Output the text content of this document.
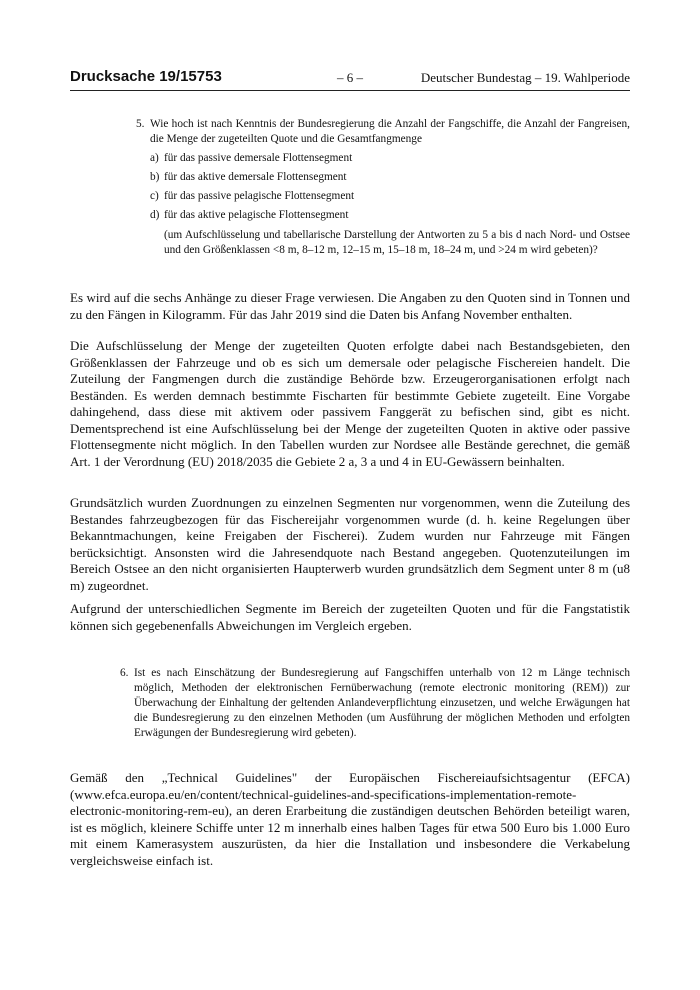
Drucksache 19/15753	– 6 –	Deutscher Bundestag – 19. Wahlperiode
5. Wie hoch ist nach Kenntnis der Bundesregierung die Anzahl der Fangschiffe, die Anzahl der Fangreisen, die Menge der zugeteilten Quote und die Gesamtfangmenge
a) für das passive demersale Flottensegment
b) für das aktive demersale Flottensegment
c) für das passive pelagische Flottensegment
d) für das aktive pelagische Flottensegment
(um Aufschlüsselung und tabellarische Darstellung der Antworten zu 5 a bis d nach Nord- und Ostsee und den Größenklassen <8 m, 8–12 m, 12–15 m, 15–18 m, 18–24 m, und >24 m wird gebeten)?
Es wird auf die sechs Anhänge zu dieser Frage verwiesen. Die Angaben zu den Quoten sind in Tonnen und zu den Fängen in Kilogramm. Für das Jahr 2019 sind die Daten bis Anfang November enthalten.
Die Aufschlüsselung der Menge der zugeteilten Quoten erfolgte dabei nach Bestandsgebieten, den Größenklassen der Fahrzeuge und ob es sich um demersale oder pelagische Fischereien handelt. Die Zuteilung der Fangmengen durch die zuständige Behörde bzw. Erzeugerorganisationen erfolgt nach Beständen. Es werden demnach bestimmte Fischarten für bestimmte Gebiete zugeteilt. Eine Vorgabe dahingehend, dass diese mit aktivem oder passivem Fanggerät zu befischen sind, gibt es nicht. Dementsprechend ist eine Aufschlüsselung bei der Menge der zugeteilten Quoten in aktive oder passive Flottensegmente nicht möglich. In den Tabellen wurden zur Nordsee alle Bestände gerechnet, die gemäß Art. 1 der Verordnung (EU) 2018/2035 die Gebiete 2 a, 3 a und 4 in EU-Gewässern beinhalten.
Grundsätzlich wurden Zuordnungen zu einzelnen Segmenten nur vorgenommen, wenn die Zuteilung des Bestandes fahrzeugbezogen für das Fischereijahr vorgenommen wurde (d. h. keine Regelungen über Bekanntmachungen, keine Freigaben der Fischerei). Zudem wurden nur Fahrzeuge mit Fängen berücksichtigt. Ansonsten wird die Jahresendquote nach Bestand angegeben. Quotenzuteilungen im Bereich Ostsee an den nicht organisierten Haupterwerb wurden grundsätzlich dem Segment unter 8 m (u8 m) zugeordnet.
Aufgrund der unterschiedlichen Segmente im Bereich der zugeteilten Quoten und für die Fangstatistik können sich gegebenenfalls Abweichungen im Vergleich ergeben.
6. Ist es nach Einschätzung der Bundesregierung auf Fangschiffen unterhalb von 12 m Länge technisch möglich, Methoden der elektronischen Fernüberwachung (remote electronic monitoring (REM)) zur Überwachung der Einhaltung der geltenden Anlandeverpflichtung einzusetzen, und welche Erwägungen hat die Bundesregierung zu den einzelnen Methoden (um Ausführung der möglichen Methoden und erfolgten Erwägungen der Bundesregierung wird gebeten).
Gemäß den „Technical Guidelines" der Europäischen Fischereiaufsichtsagentur (EFCA) (www.efca.europa.eu/en/content/technical-guidelines-and-specifications-implementation-remote-electronic-monitoring-rem-eu), an deren Erarbeitung die zuständigen deutschen Behörden beteiligt waren, ist es möglich, kleinere Schiffe unter 12 m innerhalb eines halben Tages für etwa 500 Euro bis 1.000 Euro mit einem Kamerasystem auszurüsten, da hier die Installation und insbesondere die Verkabelung vergleichsweise einfach ist.
